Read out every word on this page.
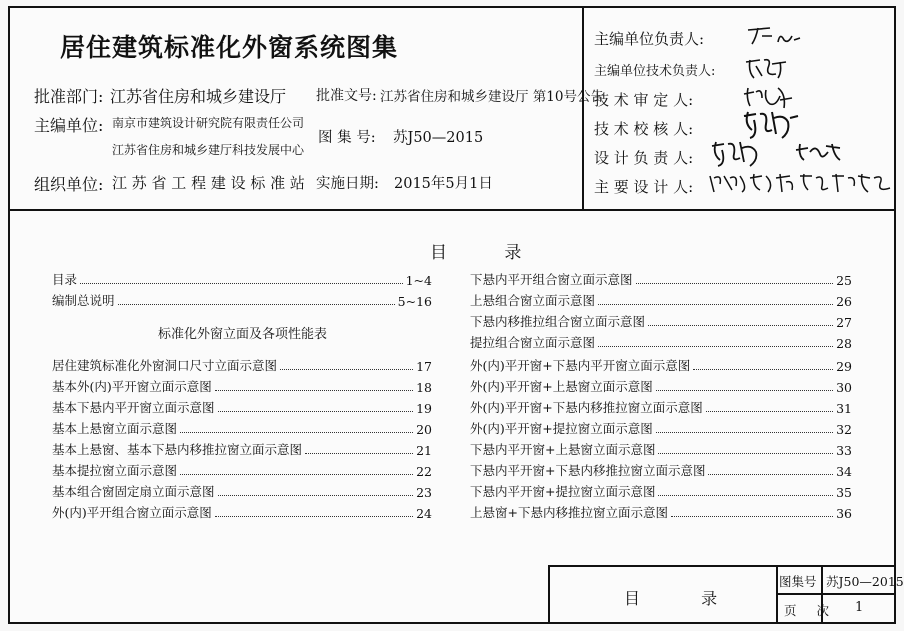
居住建筑标准化外窗系统图集
批准部门: 江苏省住房和城乡建设厅 批准文号: 江苏省住房和城乡建设厅 第10号公告
主编单位: 南京市建筑设计研究院有限责任公司
江苏省住房和城乡建厅科技发展中心
图 集 号: 苏J50—2015
组织单位: 江 苏 省 工 程 建 设 标 准 站 实施日期: 2015年5月1日
主编单位负责人:
主编单位技术负责人:
技 术 审 定 人:
技 术 校 核 人:
设 计 负 责 人:
主 要 设 计 人:
目 录
目录	1~4
编制总说明	5~16
标准化外窗立面及各项性能表
居住建筑标准化外窗洞口尺寸立面示意图	17
基本外(内)平开窗立面示意图	18
基本下悬内平开窗立面示意图	19
基本上悬窗立面示意图	20
基本上悬窗、基本下悬内移推拉窗立面示意图	21
基本提拉窗立面示意图	22
基本组合窗固定扇立面示意图	23
外(内)平开组合窗立面示意图	24
下悬内平开组合窗立面示意图	25
上悬组合窗立面示意图	26
下悬内移推拉组合窗立面示意图	27
提拉组合窗立面示意图	28
外(内)平开窗+下悬内平开窗立面示意图	29
外(内)平开窗+上悬窗立面示意图	30
外(内)平开窗+下悬内移推拉窗立面示意图	31
外(内)平开窗+提拉窗立面示意图	32
下悬内平开窗+上悬窗立面示意图	33
下悬内平开窗+下悬内移推拉窗立面示意图	34
下悬内平开窗+提拉窗立面示意图	35
上悬窗+下悬内移推拉窗立面示意图	36
目 录
图集号 苏J50—2015
页 次 1
